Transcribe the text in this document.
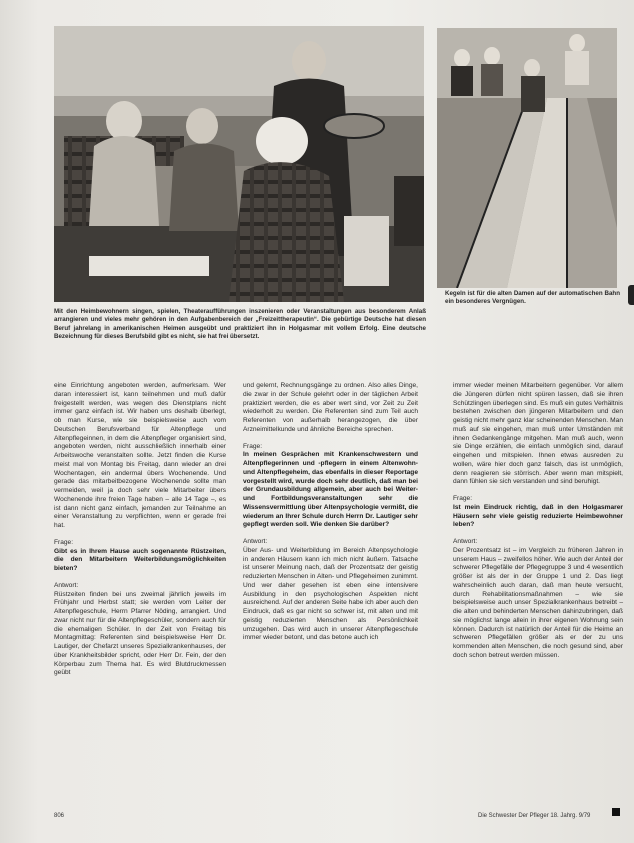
Mit den Heimbewohnern singen, spielen, Theateraufführungen inszenieren oder Veranstaltungen aus besonderem Anlaß arrangieren und vieles mehr gehören in den Aufgabenbereich der „Freizeittherapeutin“. Die gebürtige Deutsche hat diesen Beruf jahrelang in amerikanischen Heimen ausgeübt und praktiziert ihn in Holgasmar mit vollem Erfolg. Eine deutsche Bezeichnung für dieses Berufsbild gibt es nicht, sie hat frei übersetzt.
Kegeln ist für die alten Damen auf der automatischen Bahn ein besonderes Vergnügen.

eine Einrichtung angeboten werden, aufmerksam. Wer daran interessiert ist, kann teilnehmen und muß dafür freigestellt werden, was wegen des Dienstplans nicht immer ganz einfach ist. Wir haben uns deshalb überlegt, ob man Kurse, wie sie beispielsweise auch vom Deutschen Berufsverband für Altenpflege und Altenpflegeinnen, in dem die Altenpfleger organisiert sind, angeboten werden, nicht ausschließlich innerhalb einer Arbeitswoche veranstalten sollte. Jetzt finden die Kurse meist mal von Montag bis Freitag, dann wieder an drei Wochentagen, ein andermal übers Wochenende. Und gerade das mitarbeitbezogene Wochenende sollte man vermeiden, weil ja doch sehr viele Mitarbeiter übers Wochenende ihre freien Tage haben – alle 14 Tage –, es ist dann nicht ganz einfach, jemanden zur Teilnahme an einer Veranstaltung zu verpflichten, wenn er gerade frei hat.

Frage:

Gibt es in Ihrem Hause auch sogenannte Rüstzeiten, die den Mitarbeitern Weiterbildungsmöglichkeiten bieten?

Antwort:

Rüstzeiten finden bei uns zweimal jährlich jeweils im Frühjahr und Herbst statt; sie werden vom Leiter der Altenpflegeschule, Herrn Pfarrer Nöding, arrangiert. Und zwar nicht nur für die Altenpflegeschüler, sondern auch für die ehemaligen Schüler. In der Zeit von Freitag bis Montagmittag: Referenten sind beispielsweise Herr Dr. Lautiger, der Chefarzt unseres Spezialkrankenhauses, der über Krankheitsbilder spricht, oder Herr Dr. Fein, der den Körperbau zum Thema hat. Es wird Blutdruckmessen geübt

und gelernt, Rechnungsgänge zu ordnen. Also alles Dinge, die zwar in der Schule gelehrt oder in der täglichen Arbeit praktiziert werden, die es aber wert sind, vor Zeit zu Zeit wiederholt zu werden. Die Referenten sind zum Teil auch Referenten von außerhalb herangezogen, die über Arzneimittelkunde und ähnliche Bereiche sprechen.

Frage:

In meinen Gesprächen mit Krankenschwestern und Altenpflegerinnen und -pflegern in einem Altenwohn- und Altenpflegeheim, das ebenfalls in dieser Reportage vorgestellt wird, wurde doch sehr deutlich, daß man bei der Grundausbildung allgemein, aber auch bei Weiter- und Fortbildungsveranstaltungen sehr die Wissensvermittlung über Altenpsychologie vermißt, die wiederum an Ihrer Schule durch Herrn Dr. Lautiger sehr gepflegt werden soll. Wie denken Sie darüber?

Antwort:

Über Aus- und Weiterbildung im Bereich Altenpsychologie in anderen Häusern kann ich mich nicht äußern. Tatsache ist unserer Meinung nach, daß der Prozentsatz der geistig reduzierten Menschen in Alten- und Pflegeheimen zunimmt. Und wer daher gesehen ist eben eine intensivere Ausbildung in den psychologischen Aspekten nicht ausreichend. Auf der anderen Seite habe ich aber auch den Eindruck, daß es gar nicht so schwer ist, mit alten und mit geistig reduzierten Menschen als Persönlichkeit umzugehen. Das wird auch in unserer Altenpflegeschule immer wieder betont, und das betone auch ich

immer wieder meinen Mitarbeitern gegenüber. Vor allem die Jüngeren dürfen nicht spüren lassen, daß sie ihren Schützlingen überlegen sind. Es muß ein gutes Verhältnis bestehen zwischen den jüngeren Mitarbeitern und den geistig nicht mehr ganz klar scheinenden Menschen. Man muß auf sie eingehen, man muß unter Umständen mit ihnen Gedankengänge mitgehen. Man muß auch, wenn sie Dinge erzählen, die einfach unmöglich sind, darauf eingehen und mitspielen. Ihnen etwas ausreden zu wollen, wäre hier doch ganz falsch, das ist unmöglich, denn reagieren sie störrisch. Aber wenn man mitspielt, dann fühlen sie sich verstanden und sind beruhigt.

Frage:

Ist mein Eindruck richtig, daß in den Holgasmarer Häusern sehr viele geistig reduzierte Heimbewohner leben?

Antwort:

Der Prozentsatz ist – im Vergleich zu früheren Jahren in unserem Haus – zweifellos höher. Wie auch der Anteil der schwerer Pflegefälle der Pflegegruppe 3 und 4 wesentlich größer ist als der in der Gruppe 1 und 2. Das liegt wahrscheinlich auch daran, daß man heute versucht, durch Rehabilitationsmaßnahmen – wie sie beispielsweise auch unser Spezialkrankenhaus betreibt – die alten und behinderten Menschen dahinzubringen, daß sie möglichst lange allein in ihrer eigenen Wohnung sein können. Dadurch ist natürlich der Anteil für die Heime an schweren Pflegefällen größer als er der zu uns kommenden alten Menschen, die noch gesund sind, aber doch schon betreut werden müssen.

806	Die Schwester Der Pfleger 18. Jahrg. 9/79
